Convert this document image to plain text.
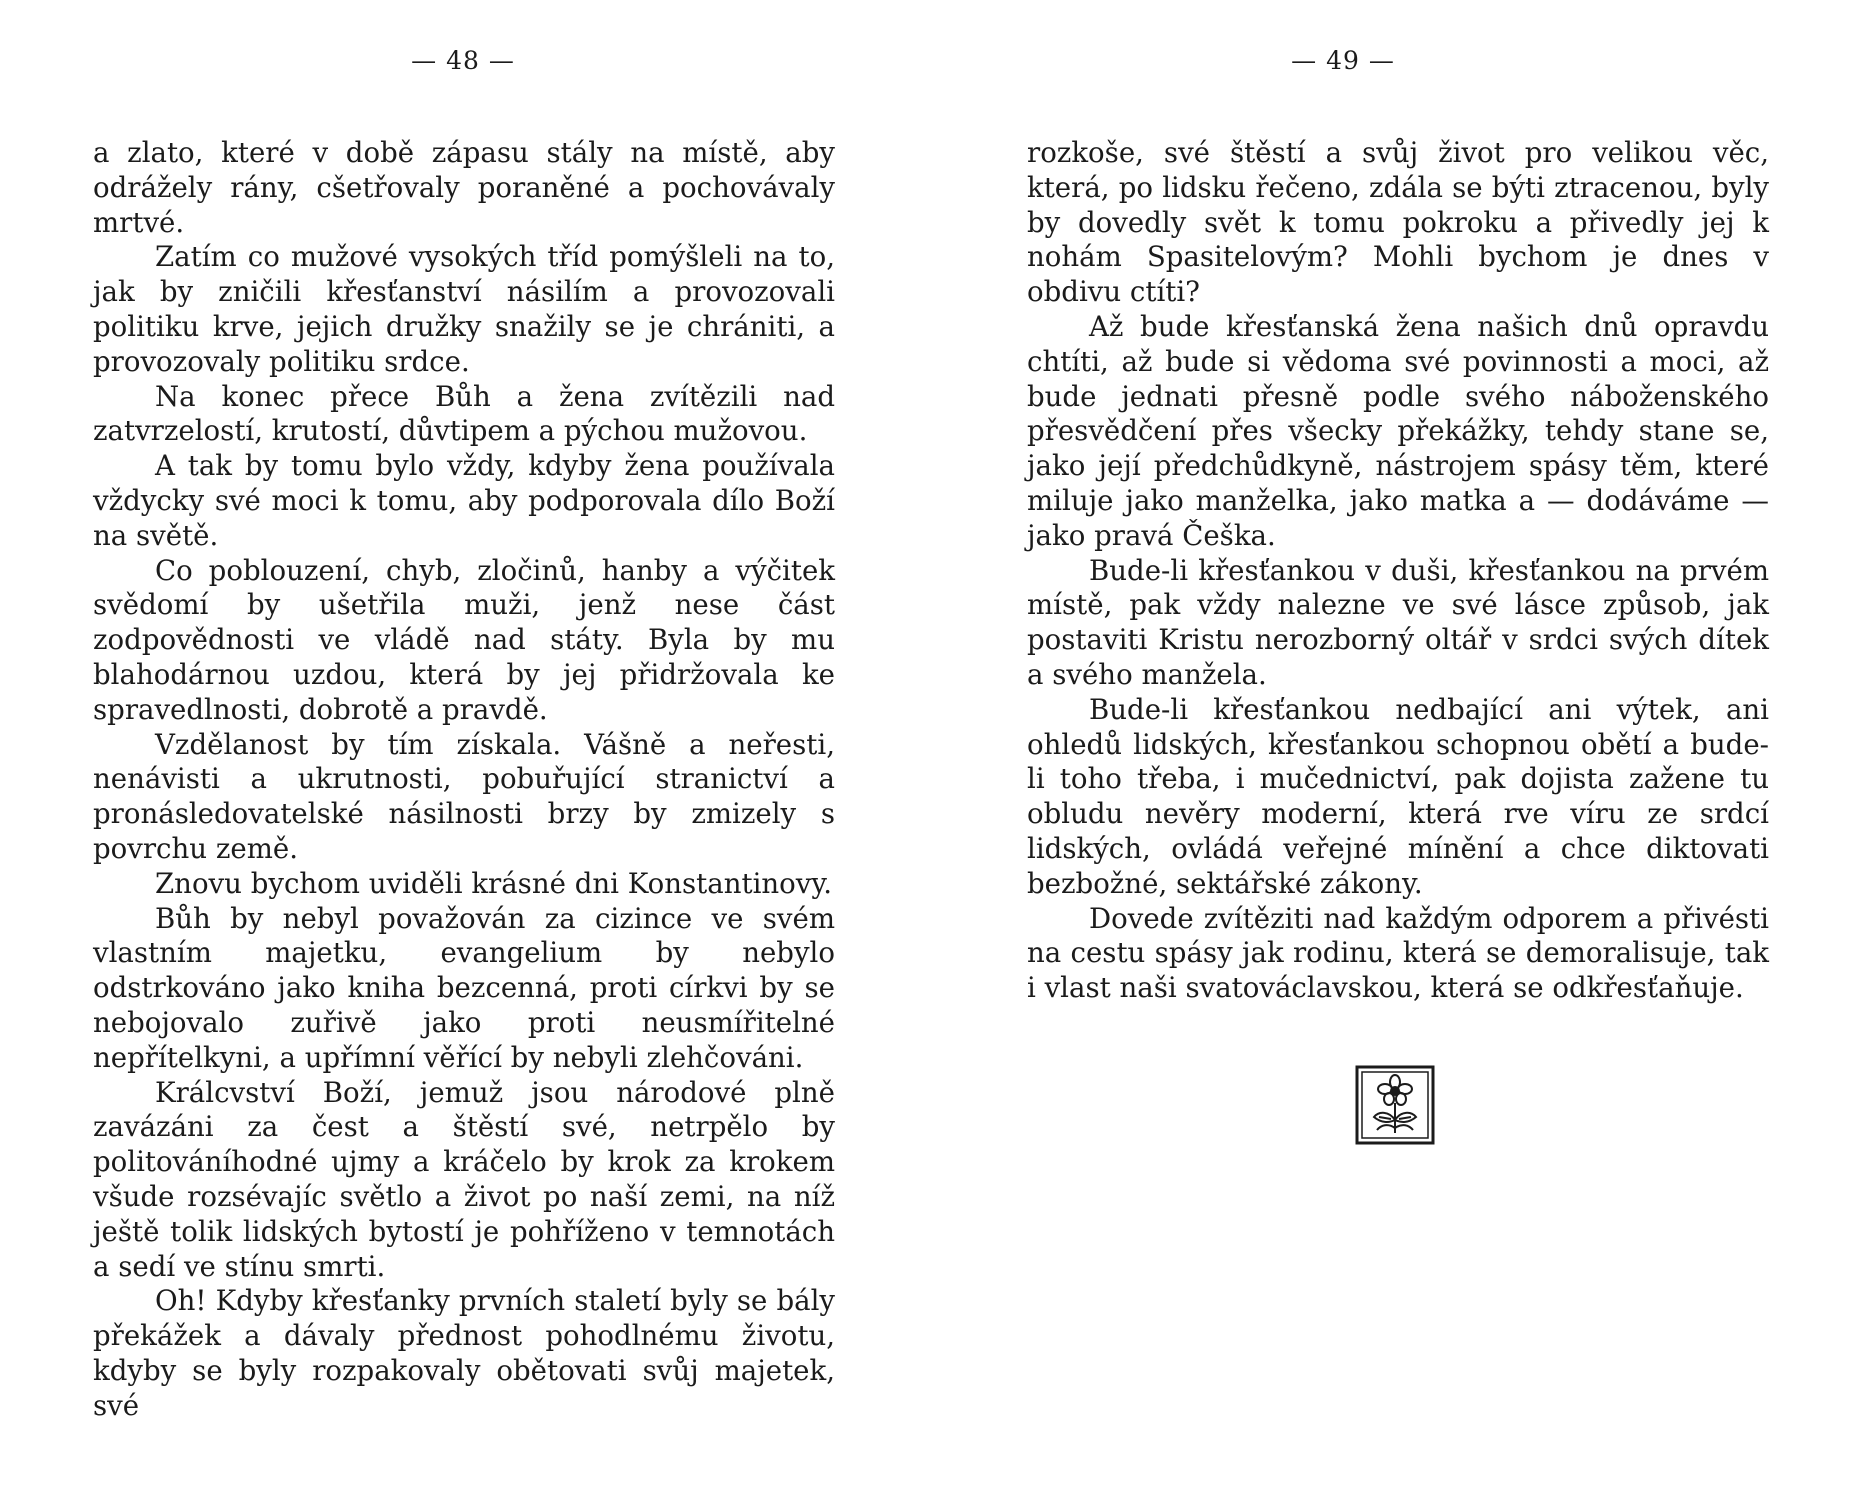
— 48 —

a zlato, které v době zápasu stály na místě, aby odrážely rány, cšetřovaly poraněné a pochovávaly mrtvé.

Zatím co mužové vysokých tříd pomýšleli na to, jak by zničili křesťanství násilím a provozovali politiku krve, jejich družky snažily se je chrániti, a provozovaly politiku srdce.

Na konec přece Bůh a žena zvítězili nad zatvrzelostí, krutostí, důvtipem a pýchou mužovou.

A tak by tomu bylo vždy, kdyby žena používala vždycky své moci k tomu, aby podporovala dílo Boží na světě.

Co poblouzení, chyb, zločinů, hanby a výčitek svědomí by ušetřila muži, jenž nese část zodpovědnosti ve vládě nad státy. Byla by mu blahodárnou uzdou, která by jej přidržovala ke spravedlnosti, dobrotě a pravdě.

Vzdělanost by tím získala. Vášně a neřesti, nenávisti a ukrutnosti, pobuřující stranictví a pronásledovatelské násilnosti brzy by zmizely s povrchu země.

Znovu bychom uviděli krásné dni Konstantinovy.

Bůh by nebyl považován za cizince ve svém vlastním majetku, evangelium by nebylo odstrkováno jako kniha bezcenná, proti církvi by se nebojovalo zuřivě jako proti neusmířitelné nepřítelkyni, a upřímní věřící by nebyli zlehčováni.

Králcvství Boží, jemuž jsou národové plně zavázáni za čest a štěstí své, netrpělo by politováníhodné ujmy a kráčelo by krok za krokem všude rozsévajíc světlo a život po naší zemi, na níž ještě tolik lidských bytostí je pohříženo v temnotách a sedí ve stínu smrti.

Oh! Kdyby křesťanky prvních staletí byly se bály překážek a dávaly přednost pohodlnému životu, kdyby se byly rozpakovaly obětovati svůj majetek, své

— 49 —

rozkoše, své štěstí a svůj život pro velikou věc, která, po lidsku řečeno, zdála se býti ztracenou, byly by dovedly svět k tomu pokroku a přivedly jej k nohám Spasitelovým? Mohli bychom je dnes v obdivu ctíti?

Až bude křesťanská žena našich dnů opravdu chtíti, až bude si vědoma své povinnosti a moci, až bude jednati přesně podle svého náboženského přesvědčení přes všecky překážky, tehdy stane se, jako její předchůdkyně, nástrojem spásy těm, které miluje jako manželka, jako matka a — dodáváme — jako pravá Češka.

Bude-li křesťankou v duši, křesťankou na prvém místě, pak vždy nalezne ve své lásce způsob, jak postaviti Kristu nerozborný oltář v srdci svých dítek a svého manžela.

Bude-li křesťankou nedbající ani výtek, ani ohledů lidských, křesťankou schopnou obětí a bude-li toho třeba, i mučednictví, pak dojista zažene tu obludu nevěry moderní, která rve víru ze srdcí lidských, ovládá veřejné mínění a chce diktovati bezbožné, sektářské zákony.

Dovede zvítěziti nad každým odporem a přivésti na cestu spásy jak rodinu, která se demoralisuje, tak i vlast naši svatováclavskou, která se odkřesťaňuje.
